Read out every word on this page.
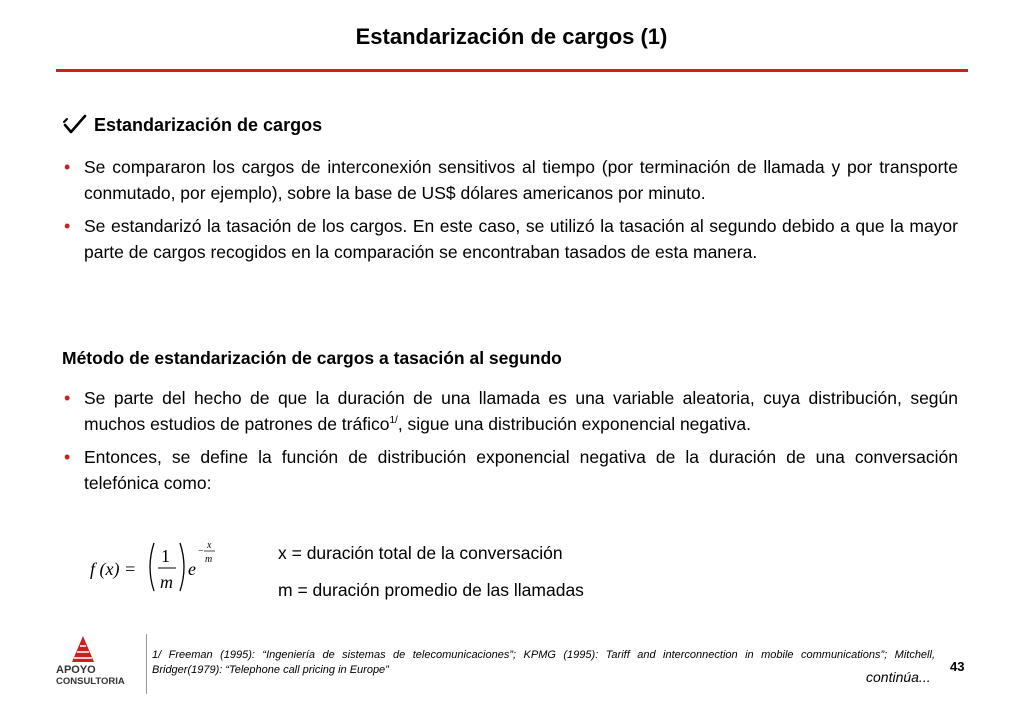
Estandarización de cargos (1)
Estandarización de cargos
• Se compararon los cargos de interconexión sensitivos al tiempo (por terminación de llamada y por transporte conmutado, por ejemplo), sobre la base de US$ dólares americanos por minuto.
• Se estandarizó la tasación de los cargos. En este caso, se utilizó la tasación al segundo debido a que la mayor parte de cargos recogidos en la comparación se encontraban tasados de esta manera.
Método de estandarización de cargos a tasación al segundo
• Se parte del hecho de que la duración de una llamada es una variable aleatoria, cuya distribución, según muchos estudios de patrones de tráfico$^{1/}$, sigue una distribución exponencial negativa.
• Entonces, se define la función de distribución exponencial negativa de la duración de una conversación telefónica como:
f (x) =
1
m
e
−
x
m	x = duración total de la conversación
m = duración promedio de las llamadas
APOYO
CONSULTORIA
1/ Freeman (1995): “Ingeniería de sistemas de telecomunicaciones”; KPMG (1995): Tariff and interconnection in mobile communications”; Mitchell, Bridger(1979): “Telephone call pricing in Europe”	43
continúa...
